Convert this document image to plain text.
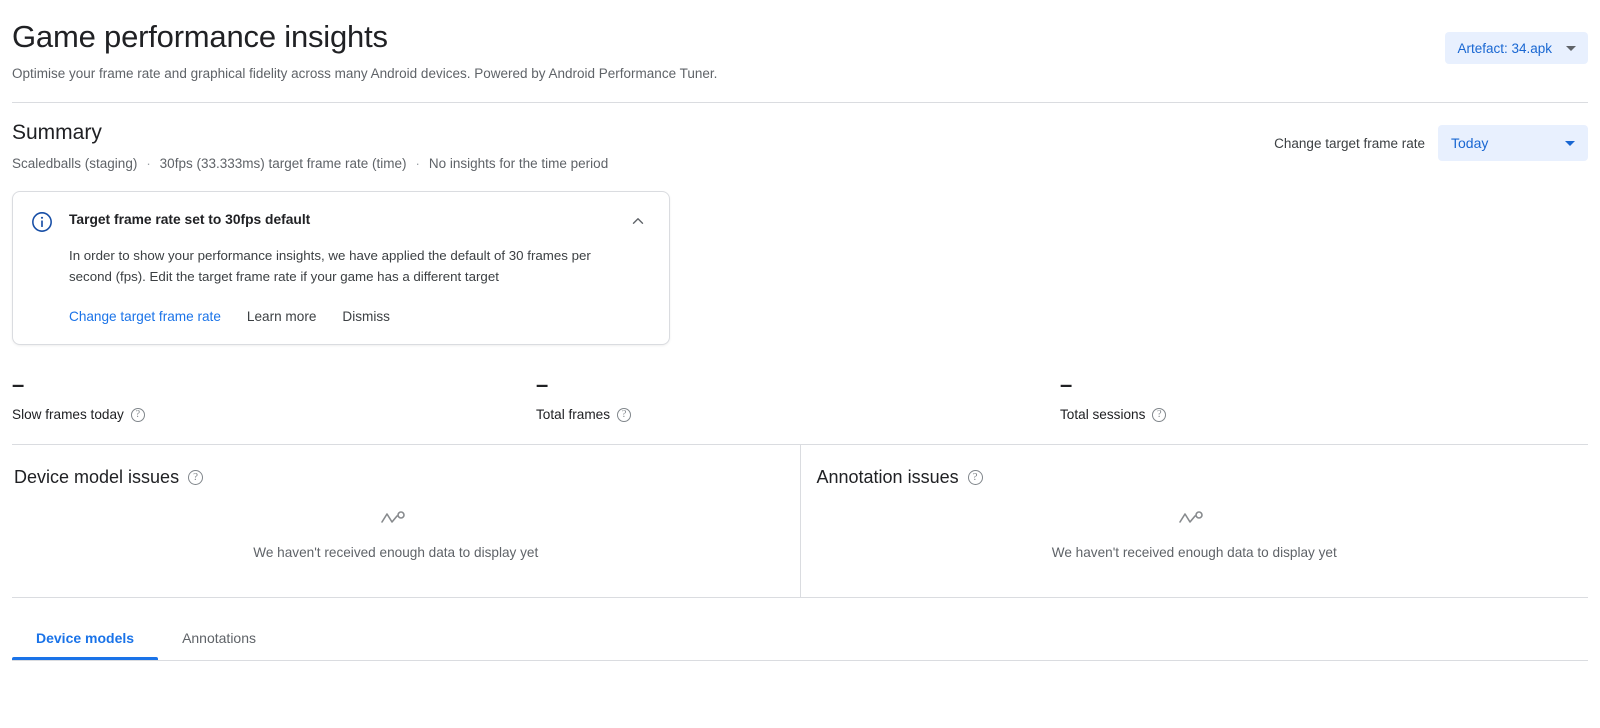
Game performance insights
Optimise your frame rate and graphical fidelity across many Android devices. Powered by Android Performance Tuner.
Artefact: 34.apk
Summary
Scaledballs (staging) · 30fps (33.333ms) target frame rate (time) · No insights for the time period
Change target frame rate Today
Target frame rate set to 30fps default
In order to show your performance insights, we have applied the default of 30 frames per second (fps). Edit the target frame rate if your game has a different target
Change target frame rate Learn more Dismiss
–
Slow frames today	?
–
Total frames	?
–
Total sessions	?
Device model issues	?
We haven't received enough data to display yet
Annotation issues	?
We haven't received enough data to display yet
Device models	Annotations
